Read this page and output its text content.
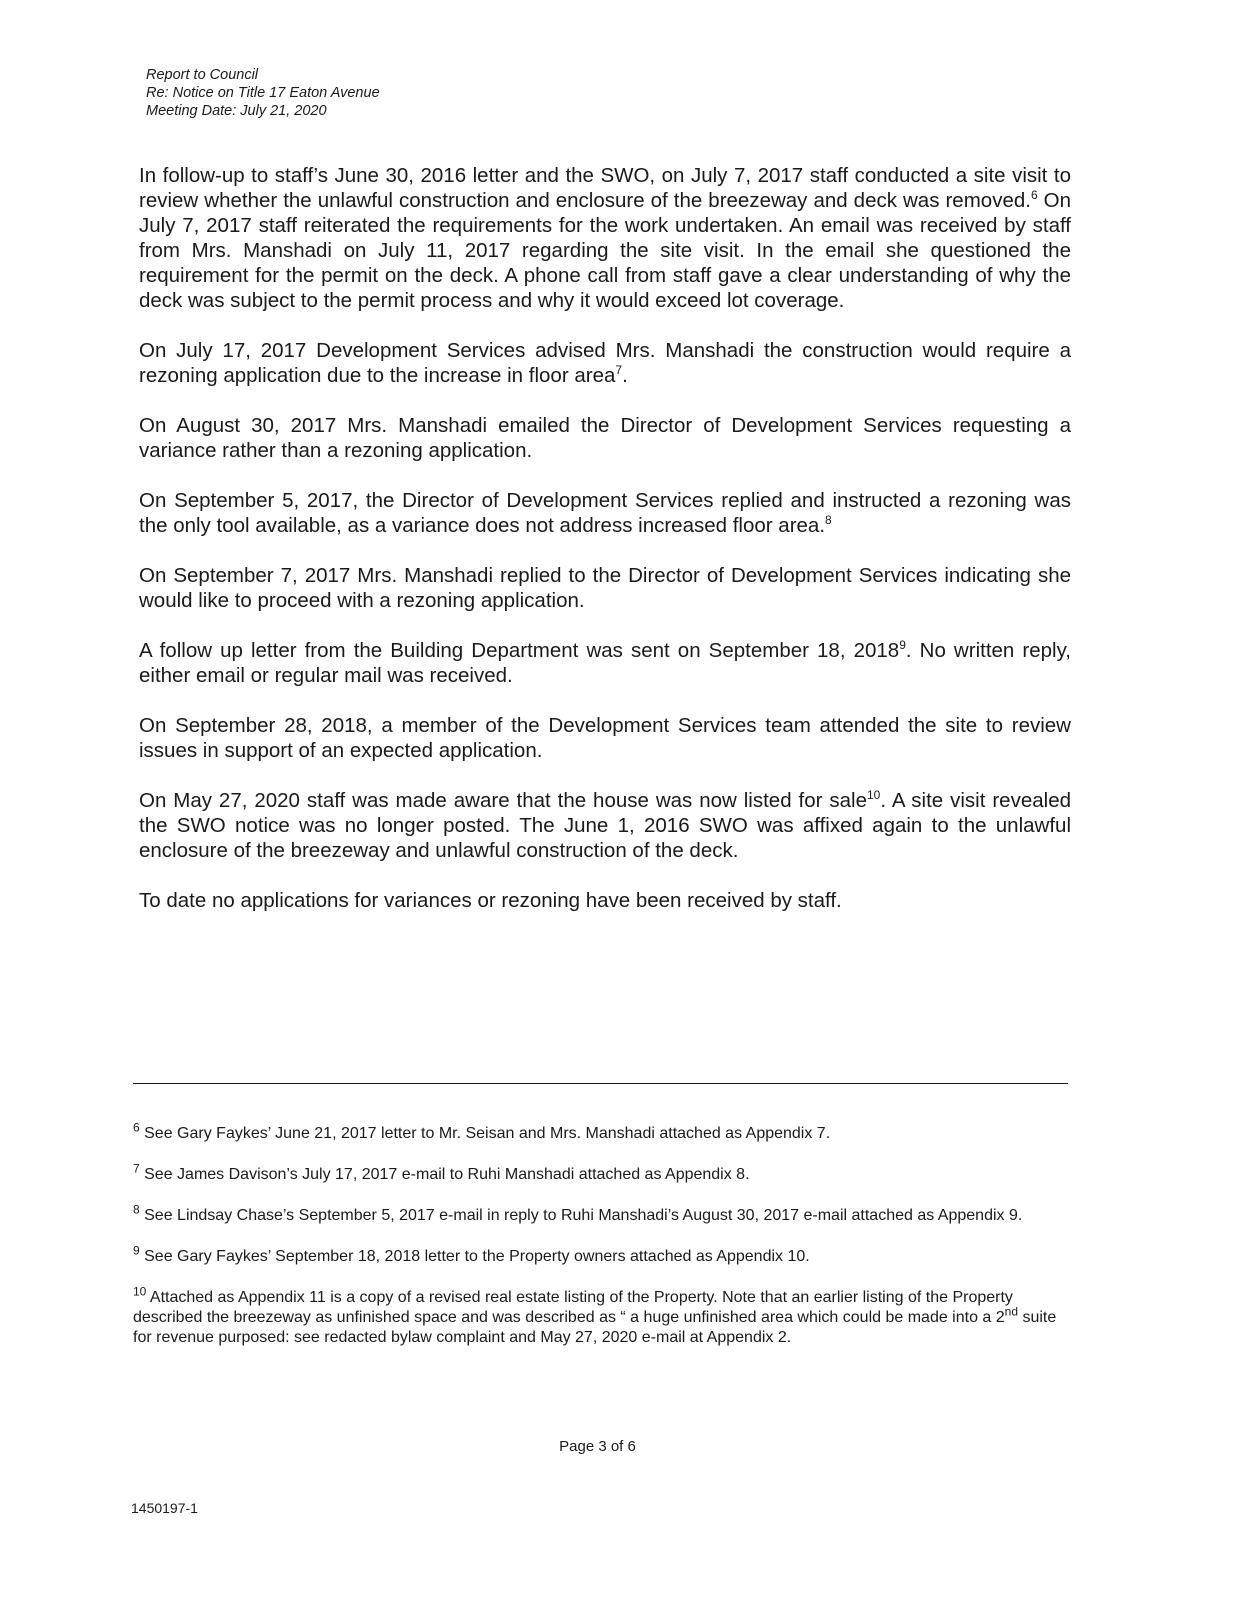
Report to Council
Re: Notice on Title 17 Eaton Avenue
Meeting Date: July 21, 2020

In follow-up to staff’s June 30, 2016 letter and the SWO, on July 7, 2017 staff conducted a site visit to review whether the unlawful construction and enclosure of the breezeway and deck was removed.$^6$ On July 7, 2017 staff reiterated the requirements for the work undertaken. An email was received by staff from Mrs. Manshadi on July 11, 2017 regarding the site visit. In the email she questioned the requirement for the permit on the deck. A phone call from staff gave a clear understanding of why the deck was subject to the permit process and why it would exceed lot coverage.

On July 17, 2017 Development Services advised Mrs. Manshadi the construction would require a rezoning application due to the increase in floor area$^7$.

On August 30, 2017 Mrs. Manshadi emailed the Director of Development Services requesting a variance rather than a rezoning application.

On September 5, 2017, the Director of Development Services replied and instructed a rezoning was the only tool available, as a variance does not address increased floor area.$^8$

On September 7, 2017 Mrs. Manshadi replied to the Director of Development Services indicating she would like to proceed with a rezoning application.

A follow up letter from the Building Department was sent on September 18, 2018$^9$. No written reply, either email or regular mail was received.

On September 28, 2018, a member of the Development Services team attended the site to review issues in support of an expected application.

On May 27, 2020 staff was made aware that the house was now listed for sale$^{10}$. A site visit revealed the SWO notice was no longer posted. The June 1, 2016 SWO was affixed again to the unlawful enclosure of the breezeway and unlawful construction of the deck.

To date no applications for variances or rezoning have been received by staff.

$^6$ See Gary Faykes’ June 21, 2017 letter to Mr. Seisan and Mrs. Manshadi attached as Appendix 7.

$^7$ See James Davison’s July 17, 2017 e-mail to Ruhi Manshadi attached as Appendix 8.

$^8$ See Lindsay Chase’s September 5, 2017 e-mail in reply to Ruhi Manshadi’s August 30, 2017 e-mail attached as Appendix 9.

$^9$ See Gary Faykes’ September 18, 2018 letter to the Property owners attached as Appendix 10.

$^{10}$ Attached as Appendix 11 is a copy of a revised real estate listing of the Property. Note that an earlier listing of the Property described the breezeway as unfinished space and was described as “ a huge unfinished area which could be made into a 2nd suite for revenue purposed: see redacted bylaw complaint and May 27, 2020 e-mail at Appendix 2.

Page 3 of 6
1450197-1
